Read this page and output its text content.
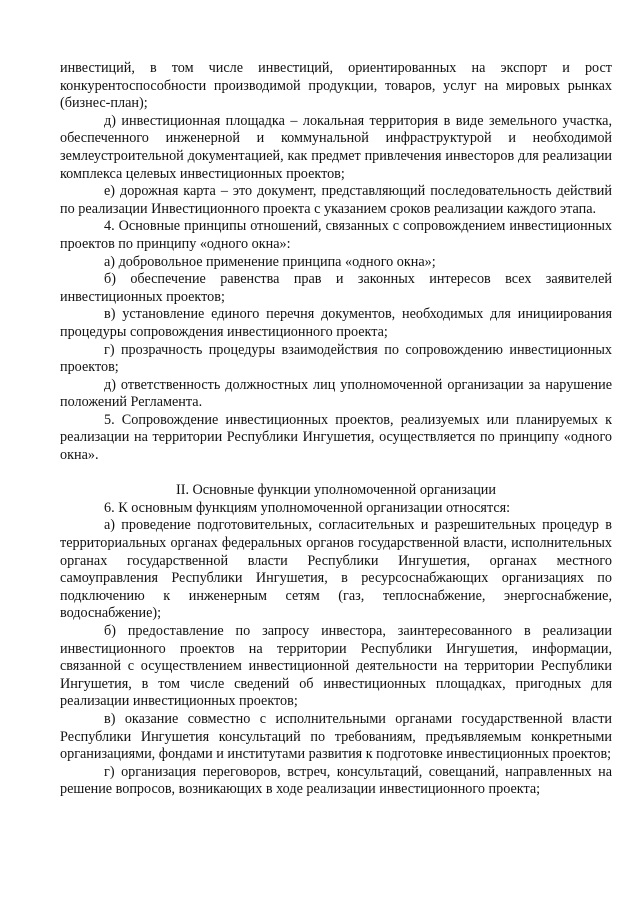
инвестиций, в том числе инвестиций, ориентированных на экспорт и рост конкурентоспособности производимой продукции, товаров, услуг на мировых рынках (бизнес-план);

д) инвестиционная площадка – локальная территория в виде земельного участка, обеспеченного инженерной и коммунальной инфраструктурой и необходимой землеустроительной документацией, как предмет привлечения инвесторов для реализации комплекса целевых инвестиционных проектов;

е) дорожная карта – это документ, представляющий последовательность действий по реализации Инвестиционного проекта с указанием сроков реализации каждого этапа.

4. Основные принципы отношений, связанных с сопровождением инвестиционных проектов по принципу «одного окна»:

а) добровольное применение принципа «одного окна»;

б) обеспечение равенства прав и законных интересов всех заявителей инвестиционных проектов;

в) установление единого перечня документов, необходимых для инициирования процедуры сопровождения инвестиционного проекта;

г) прозрачность процедуры взаимодействия по сопровождению инвестиционных проектов;

д) ответственность должностных лиц уполномоченной организации за нарушение положений Регламента.

5. Сопровождение инвестиционных проектов, реализуемых или планируемых к реализации на территории Республики Ингушетия, осуществляется по принципу «одного окна».

II. Основные функции уполномоченной организации

6. К основным функциям уполномоченной организации относятся:

а) проведение подготовительных, согласительных и разрешительных процедур в территориальных органах федеральных органов государственной власти, исполнительных органах государственной власти Республики Ингушетия, органах местного самоуправления Республики Ингушетия, в ресурсоснабжающих организациях по подключению к инженерным сетям (газ, теплоснабжение, энергоснабжение, водоснабжение);

б) предоставление по запросу инвестора, заинтересованного в реализации инвестиционного проектов на территории Республики Ингушетия, информации, связанной с осуществлением инвестиционной деятельности на территории Республики Ингушетия, в том числе сведений об инвестиционных площадках, пригодных для реализации инвестиционных проектов;

в) оказание совместно с исполнительными органами государственной власти Республики Ингушетия консультаций по требованиям, предъявляемым конкретными организациями, фондами и институтами развития к подготовке инвестиционных проектов;

г) организация переговоров, встреч, консультаций, совещаний, направленных на решение вопросов, возникающих в ходе реализации инвестиционного проекта;
